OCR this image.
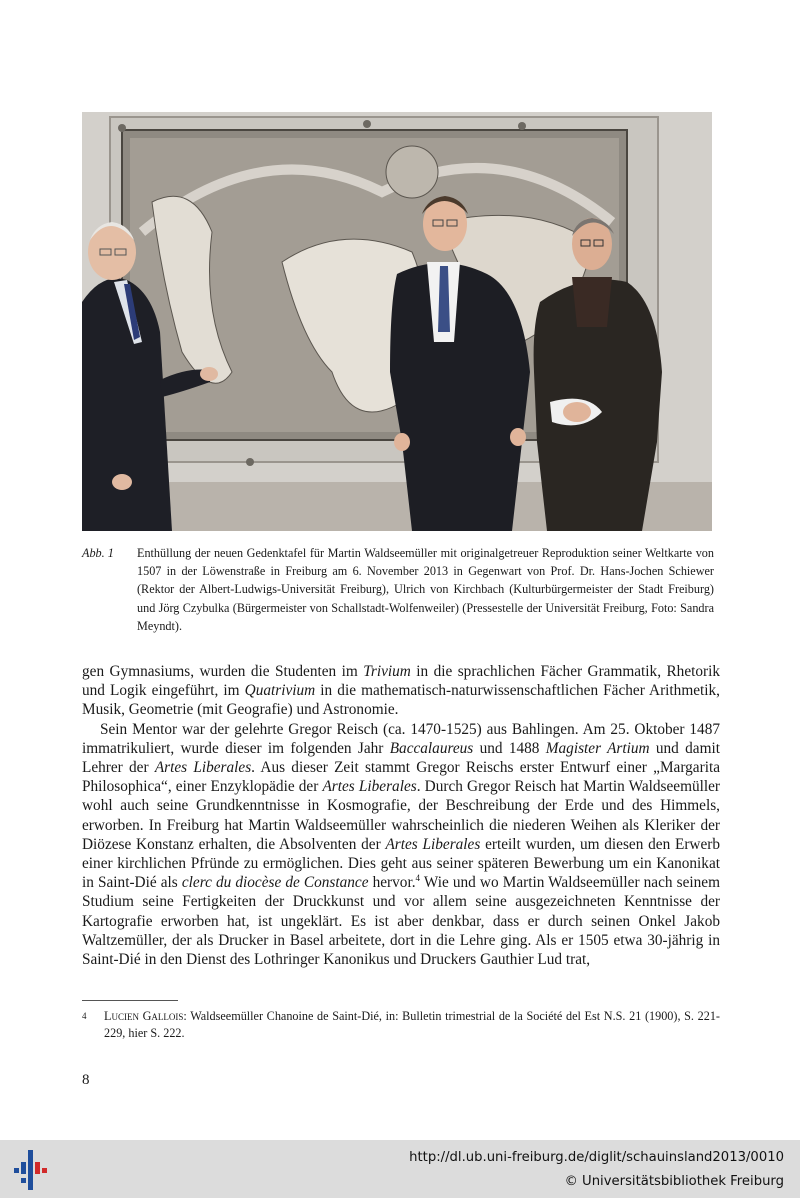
Abb. 1 Enthüllung der neuen Gedenktafel für Martin Waldseemüller mit originalgetreuer Reproduktion seiner Weltkarte von 1507 in der Löwenstraße in Freiburg am 6. November 2013 in Gegenwart von Prof. Dr. Hans-Jochen Schiewer (Rektor der Albert-Ludwigs-Universität Freiburg), Ulrich von Kirchbach (Kulturbürgermeister der Stadt Freiburg) und Jörg Czybulka (Bürgermeister von Schallstadt-Wolfenweiler) (Pressestelle der Universität Freiburg, Foto: Sandra Meyndt).

gen Gymnasiums, wurden die Studenten im Trivium in die sprachlichen Fächer Grammatik, Rhetorik und Logik eingeführt, im Quatrivium in die mathematisch-naturwissenschaftlichen Fächer Arithmetik, Musik, Geometrie (mit Geografie) und Astronomie.

Sein Mentor war der gelehrte Gregor Reisch (ca. 1470-1525) aus Bahlingen. Am 25. Oktober 1487 immatrikuliert, wurde dieser im folgenden Jahr Baccalaureus und 1488 Magister Artium und damit Lehrer der Artes Liberales. Aus dieser Zeit stammt Gregor Reischs erster Entwurf einer „Margarita Philosophica“, einer Enzyklopädie der Artes Liberales. Durch Gregor Reisch hat Martin Waldseemüller wohl auch seine Grundkenntnisse in Kosmografie, der Beschreibung der Erde und des Himmels, erworben. In Freiburg hat Martin Waldseemüller wahrscheinlich die niederen Weihen als Kleriker der Diözese Konstanz erhalten, die Absolventen der Artes Liberales erteilt wurden, um diesen den Erwerb einer kirchlichen Pfründe zu ermöglichen. Dies geht aus seiner späteren Bewerbung um ein Kanonikat in Saint-Dié als clerc du diocèse de Constance hervor.$^4$ Wie und wo Martin Waldseemüller nach seinem Studium seine Fertigkeiten der Druckkunst und vor allem seine ausgezeichneten Kenntnisse der Kartografie erworben hat, ist ungeklärt. Es ist aber denkbar, dass er durch seinen Onkel Jakob Waltzemüller, der als Drucker in Basel arbeitete, dort in die Lehre ging. Als er 1505 etwa 30-jährig in Saint-Dié in den Dienst des Lothringer Kanonikus und Druckers Gauthier Lud trat,

4 Lucien Gallois: Waldseemüller Chanoine de Saint-Dié, in: Bulletin trimestrial de la Société del Est N.S. 21 (1900), S. 221-229, hier S. 222.
8
http://dl.ub.uni-freiburg.de/diglit/schauinsland2013/0010
© Universitätsbibliothek Freiburg
